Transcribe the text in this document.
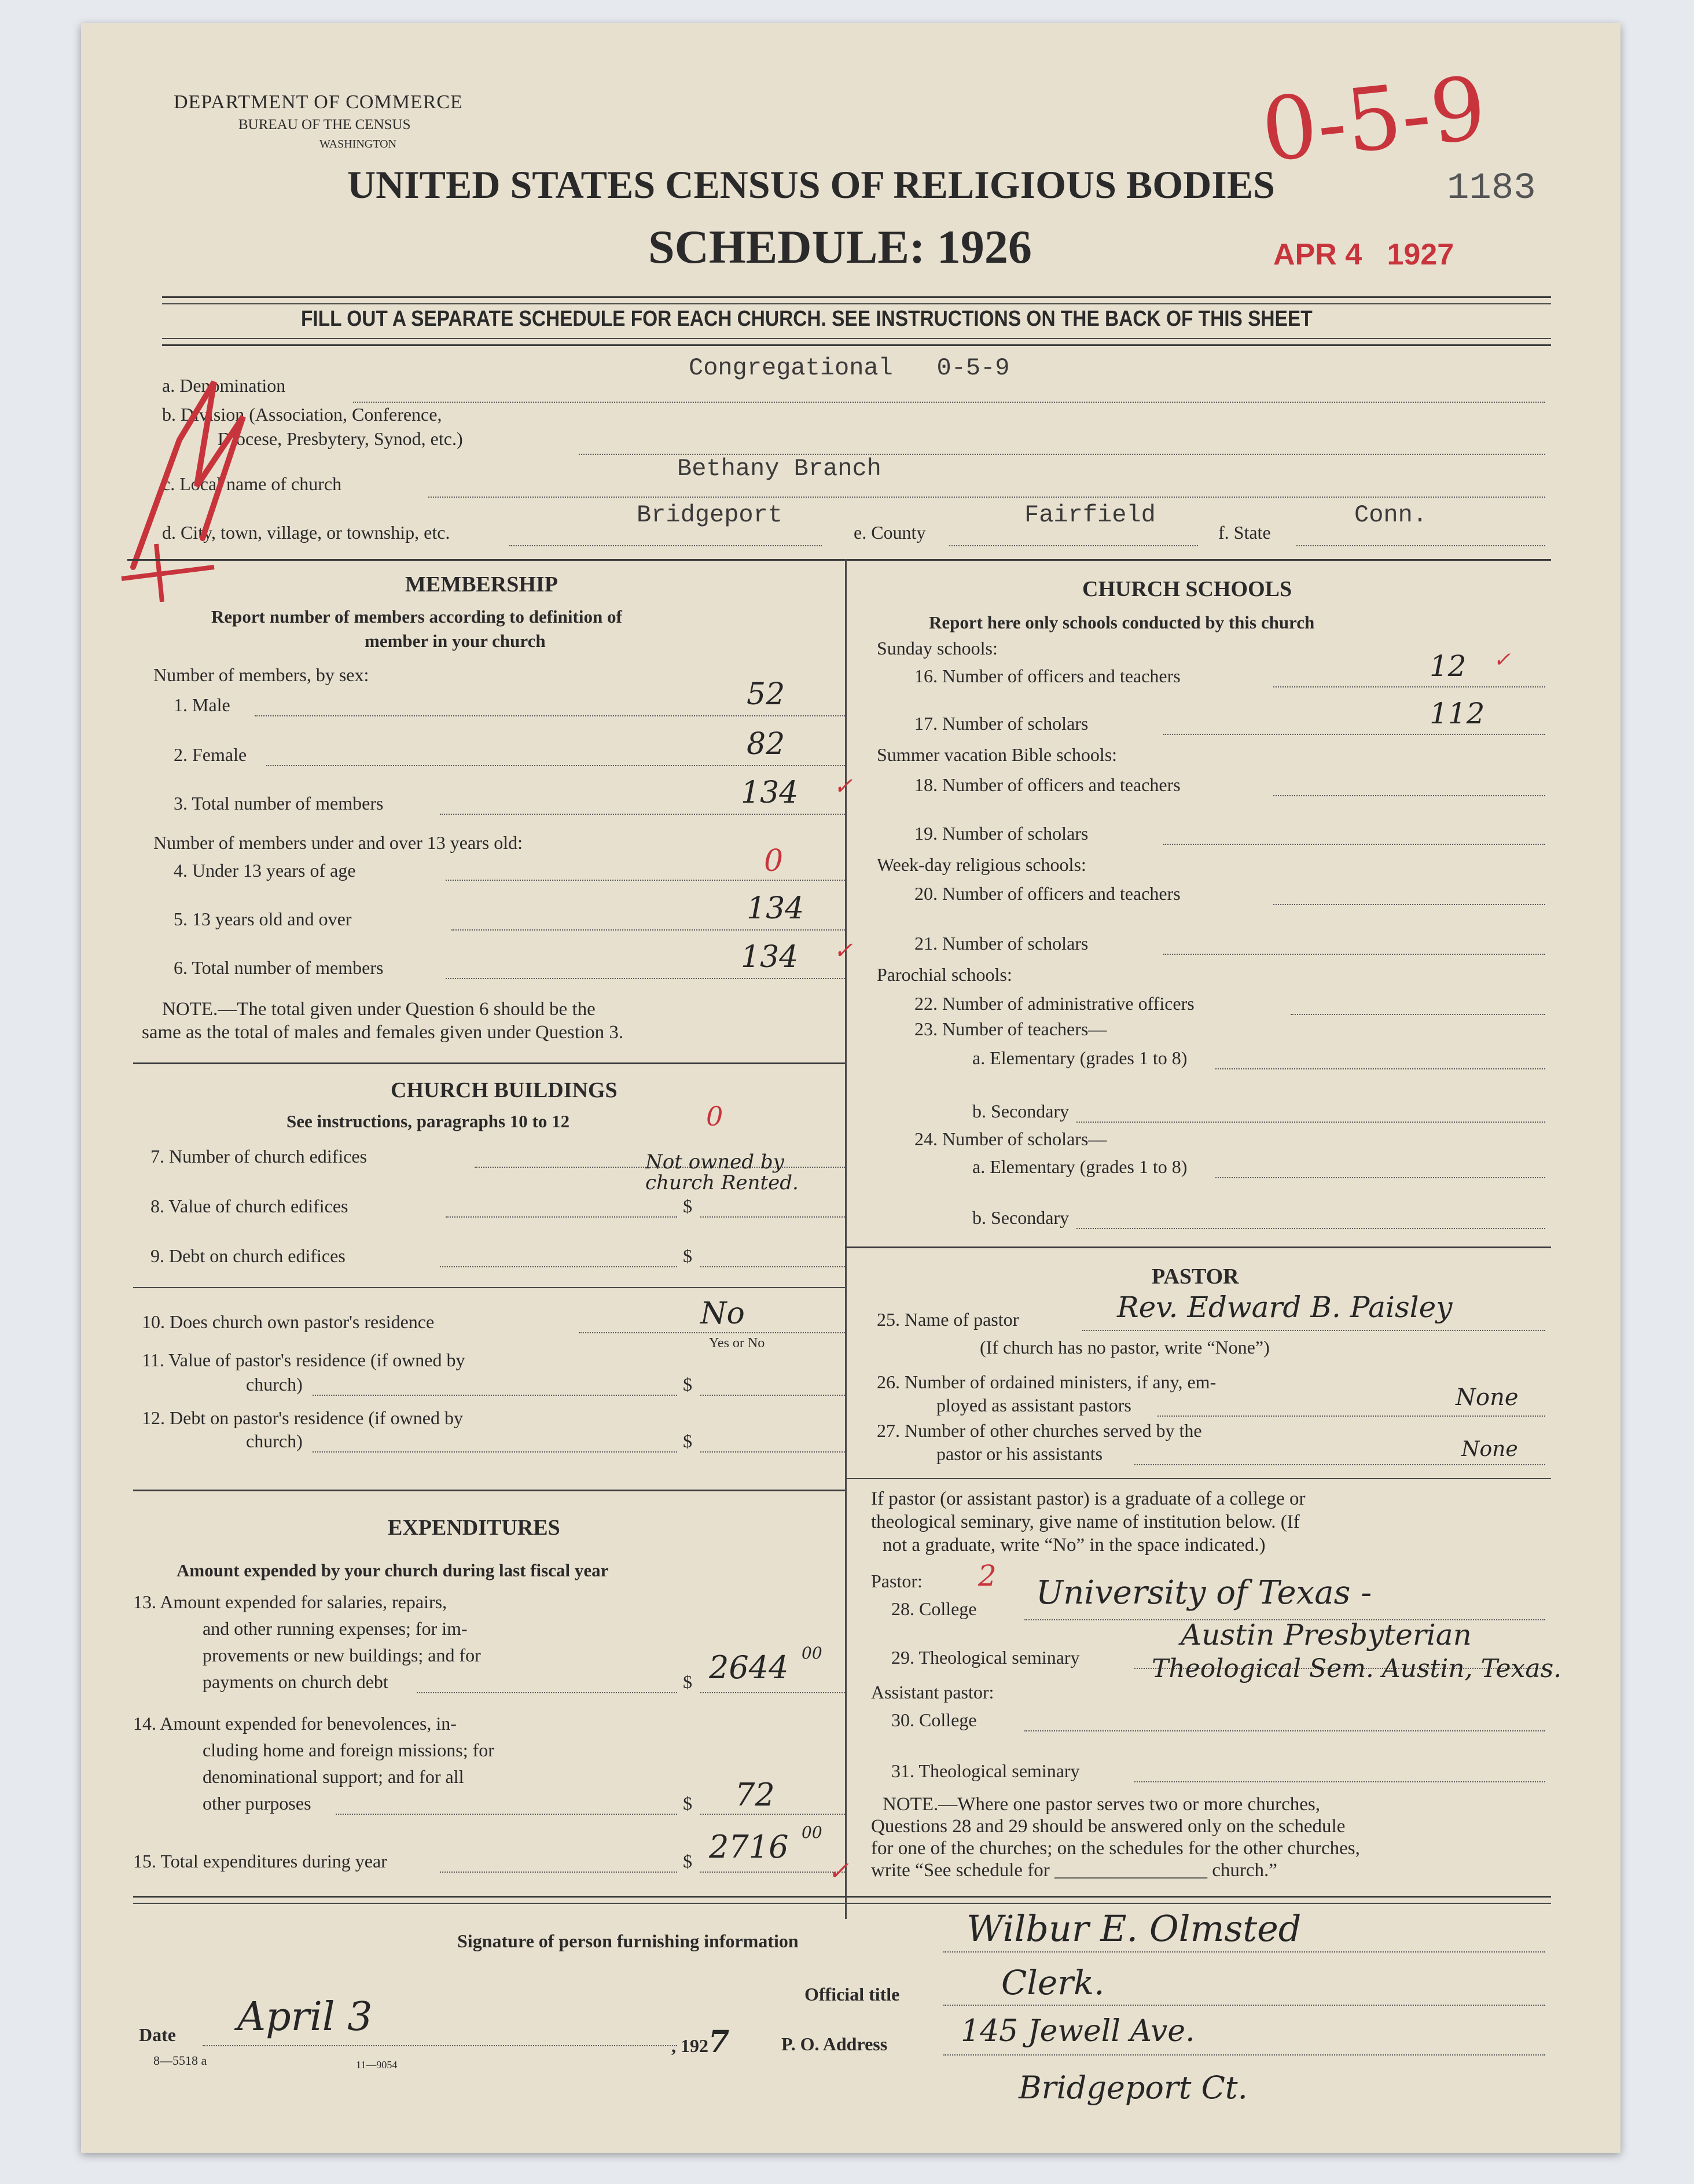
DEPARTMENT OF COMMERCE
BUREAU OF THE CENSUS
WASHINGTON
UNITED STATES CENSUS OF RELIGIOUS BODIES
SCHEDULE: 1926
1183
APR 4 1927
0-5-9
FILL OUT A SEPARATE SCHEDULE FOR EACH CHURCH. SEE INSTRUCTIONS ON THE BACK OF THIS SHEET
a. Denomination
Congregational 0-5-9
b. Division (Association, Conference,
Diocese, Presbytery, Synod, etc.)
c. Local name of church
Bethany Branch
d. City, town, village, or township, etc.
Bridgeport
e. County
Fairfield
f. State
Conn.
MEMBERSHIP
Report number of members according to definition of
member in your church
Number of members, by sex:
1. Male	52
2. Female	82
3. Total number of members	134
Number of members under and over 13 years old:
4. Under 13 years of age	0
5. 13 years old and over	134
6. Total number of members	134
NOTE.—The total given under Question 6 should be the
same as the total of males and females given under Question 3.
CHURCH BUILDINGS
See instructions, paragraphs 10 to 12	0
7. Number of church edifices	Not owned by
church Rented.
8. Value of church edifices	$
9. Debt on church edifices	$
10. Does church own pastor's residence	No
Yes or No
11. Value of pastor's residence (if owned by
church)	$
12. Debt on pastor's residence (if owned by
church)	$
EXPENDITURES
Amount expended by your church during last fiscal year
13. Amount expended for salaries, repairs,
and other running expenses; for im-
provements or new buildings; and for
payments on church debt	$ 2644 00
14. Amount expended for benevolences, in-
cluding home and foreign missions; for
denominational support; and for all
other purposes	$ 72
15. Total expenditures during year	$ 2716 00
CHURCH SCHOOLS
Report here only schools conducted by this church
Sunday schools:
16. Number of officers and teachers	12
17. Number of scholars	112
Summer vacation Bible schools:
18. Number of officers and teachers
19. Number of scholars
Week-day religious schools:
20. Number of officers and teachers
21. Number of scholars
Parochial schools:
22. Number of administrative officers
23. Number of teachers—
a. Elementary (grades 1 to 8)
b. Secondary
24. Number of scholars—
a. Elementary (grades 1 to 8)
b. Secondary
PASTOR
25. Name of pastor	Rev. Edward B. Paisley
(If church has no pastor, write “None”)
26. Number of ordained ministers, if any, em-
ployed as assistant pastors	None
27. Number of other churches served by the
pastor or his assistants	None
If pastor (or assistant pastor) is a graduate of a college or
theological seminary, give name of institution below. (If
not a graduate, write “No” in the space indicated.)
Pastor: 2
28. College University of Texas -
29. Theological seminary
Austin Presbyterian
Theological Sem. Austin, Texas.
Assistant pastor:
30. College
31. Theological seminary
NOTE.—Where one pastor serves two or more churches,
Questions 28 and 29 should be answered only on the schedule
for one of the churches; on the schedules for the other churches,
write “See schedule for ________________ church.”
Signature of person furnishing information	Wilbur E. Olmsted
Official title	Clerk.
Date April 3
, 1927	P. O. Address 145 Jewell Ave.
Bridgeport Ct.
8—5518 a	11—9054
✓
✓
✓
✓
